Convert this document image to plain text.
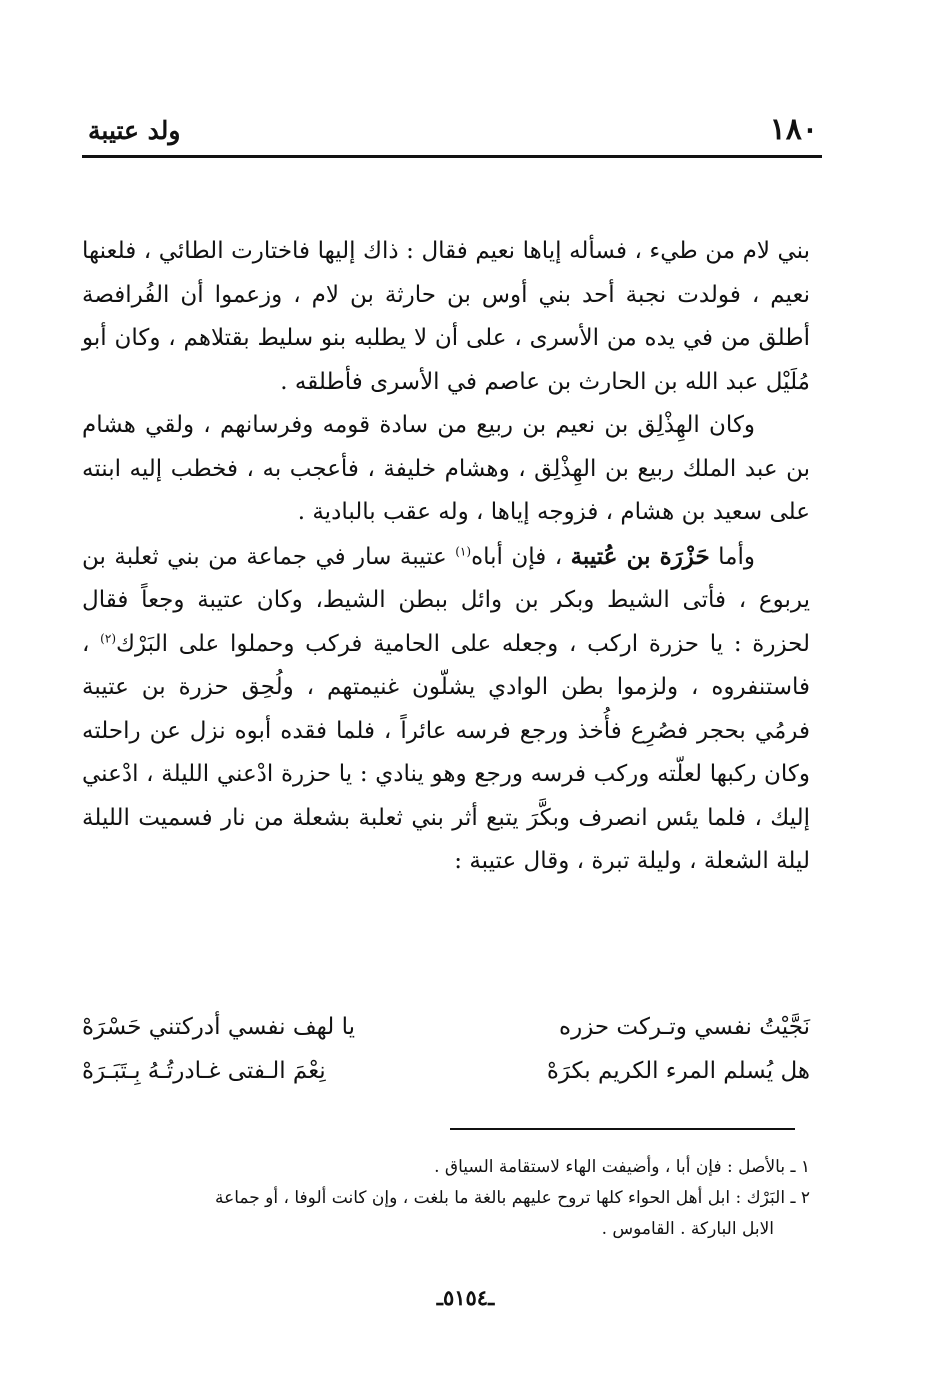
١٨٠
ولد عتيبة

بني لام من طيء ، فسأله إياها نعيم فقال : ذاك إليها فاختارت الطائي ، فلعنها نعيم ، فولدت نجبة أحد بني أوس بن حارثة بن لام ، وزعموا أن الفُرافصة أطلق من في يده من الأسرى ، على أن لا يطلبه بنو سليط بقتلاهم ، وكان أبو مُلَيْل عبد الله بن الحارث بن عاصم في الأسرى فأطلقه .

وكان الهِذْلِق بن نعيم بن ربيع من سادة قومه وفرسانهم ، ولقي هشام بن عبد الملك ربيع بن الهِذْلِق ، وهشام خليفة ، فأعجب به ، فخطب إليه ابنته على سعيد بن هشام ، فزوجه إياها ، وله عقب بالبادية .

وأما حَزْرَة بن عُتيبة ، فإن أباه$^{(١)}$ عتيبة سار في جماعة من بني ثعلبة بن يربوع ، فأتى الشيط وبكر بن وائل ببطن الشيط، وكان عتيبة وجعاً فقال لحزرة : يا حزرة اركب ، وجعله على الحامية فركب وحملوا على البَرْك$^{(٢)}$ ، فاستنفروه ، ولزموا بطن الوادي يشلّون غنيمتهم ، ولُحِق حزرة بن عتيبة فرمُي بحجر فصُرِع فأُخذ ورجع فرسه عائراً ، فلما فقده أبوه نزل عن راحلته وكان ركبها لعلّته وركب فرسه ورجع وهو ينادي : يا حزرة ادْعني الليلة ، ادْعني إليك ، فلما يئس انصرف وبكَّرَ يتبع أثر بني ثعلبة بشعلة من نار فسميت الليلة ليلة الشعلة ، وليلة تبرة ، وقال عتيبة :

نَجَّيْتُ نفسي وتـركت حزره
يا لهف نفسي أدركتني حَسْرَهْ
هل يُسلم المرء الكريم بكرَهْ
نِعْمَ الـفتى غـادرتُـهُ بِـتَبَـرَهْ

١ ـ بالأصل : فإن أبا ، وأضيفت الهاء لاستقامة السياق .

٢ ـ البَرْك : ابل أهل الحواء كلها تروح عليهم بالغة ما بلغت ، وإن كانت ألوفا ، أو جماعة

الابل الباركة . القاموس .

ـ٥١٥٤ـ
